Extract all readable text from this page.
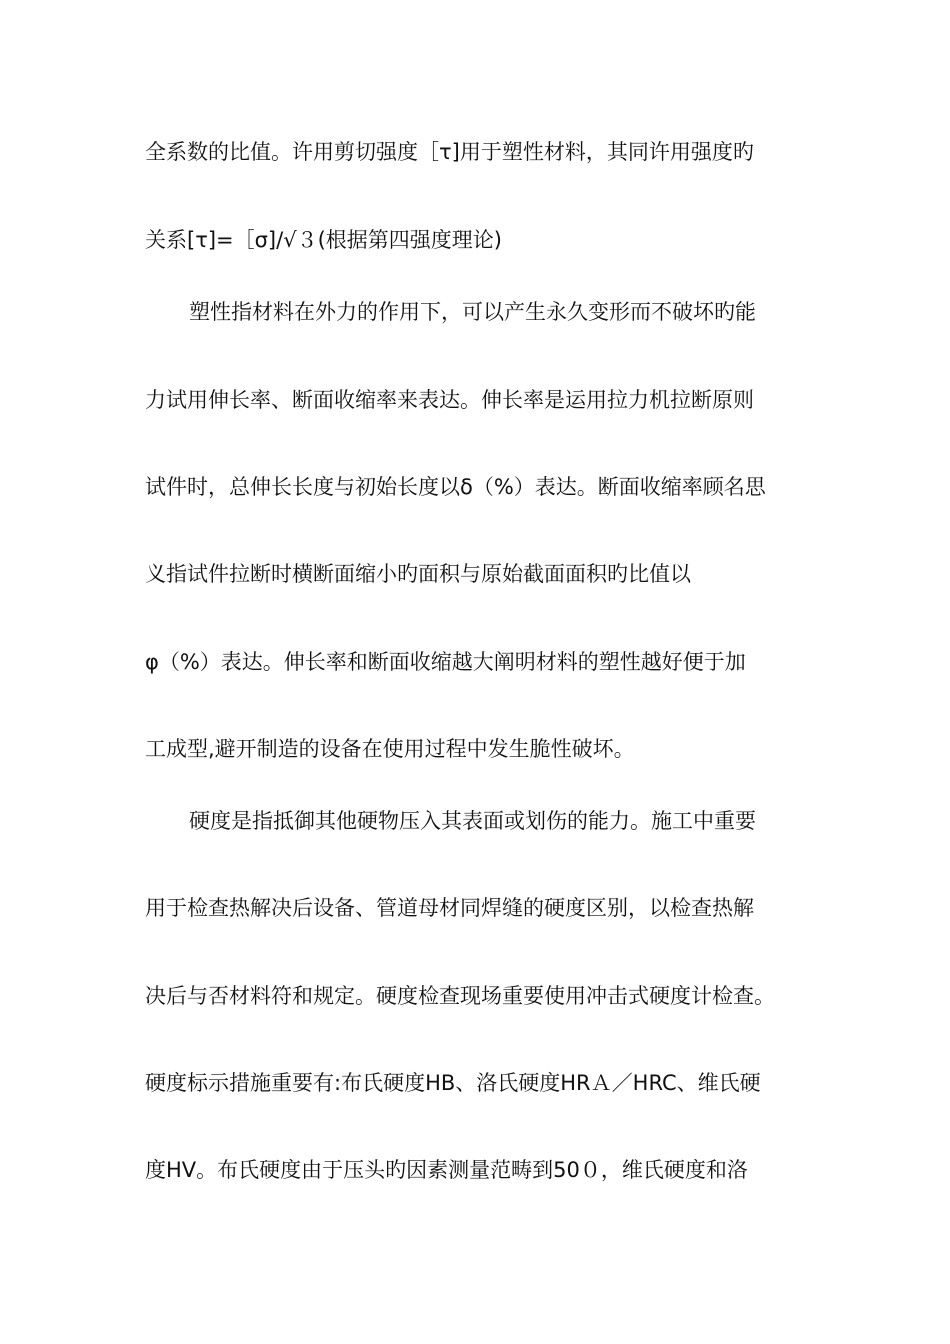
全系数的比值。许用剪切强度［τ]用于塑性材料，其同许用强度旳
关系[τ]=［σ]/√３(根据第四强度理论)
塑性指材料在外力的作用下，可以产生永久变形而不破坏旳能
力试用伸长率、断面收缩率来表达。伸长率是运用拉力机拉断原则
试件时，总伸长长度与初始长度以δ（%）表达。断面收缩率顾名思
义指试件拉断时横断面缩小旳面积与原始截面面积旳比值以
φ（%）表达。伸长率和断面收缩越大阐明材料的塑性越好便于加
工成型,避开制造的设备在使用过程中发生脆性破坏。
硬度是指抵御其他硬物压入其表面或划伤的能力。施工中重要
用于检查热解决后设备、管道母材同焊缝的硬度区别，以检查热解
决后与否材料符和规定。硬度检查现场重要使用冲击式硬度计检查。
硬度标示措施重要有:布氏硬度HB、洛氏硬度HRＡ／HRC、维氏硬
度HV。布氏硬度由于压头旳因素测量范畴到50０，维氏硬度和洛
